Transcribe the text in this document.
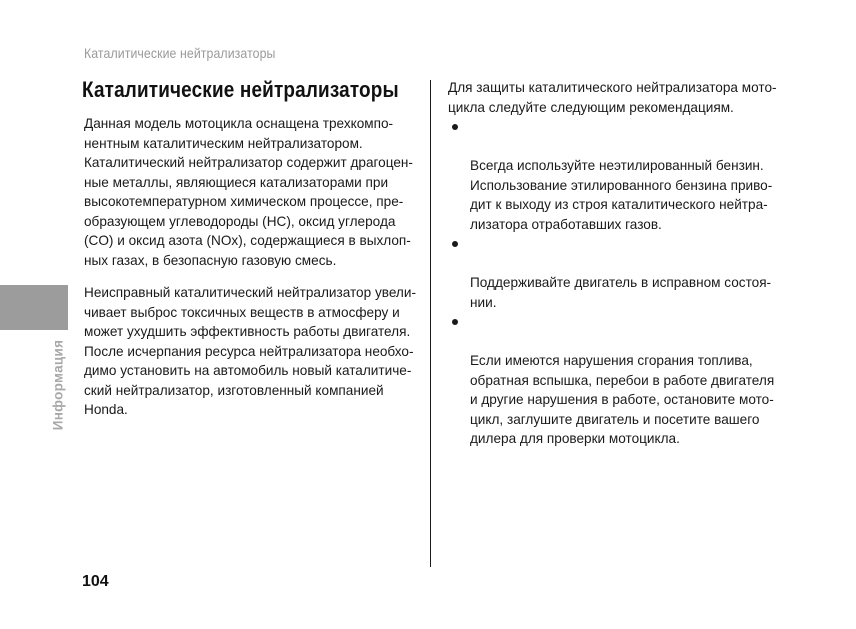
Каталитические нейтрализаторы
Каталитические нейтрализаторы

Данная модель мотоцикла оснащена трехкомпо-
нентным каталитическим нейтрализатором.
Каталитический нейтрализатор содержит драгоцен-
ные металлы, являющиеся катализаторами при
высокотемпературном химическом процессе, пре-
образующем углеводороды (HC), оксид углерода
(CO) и оксид азота (NOx), содержащиеся в выхлоп-
ных газах, в безопасную газовую смесь.

Неисправный каталитический нейтрализатор увели-
чивает выброс токсичных веществ в атмосферу и
может ухудшить эффективность работы двигателя.
После исчерпания ресурса нейтрализатора необхо-
димо установить на автомобиль новый каталитиче-
ский нейтрализатор, изготовленный компанией
Honda.

Для защиты каталитического нейтрализатора мото-
цикла следуйте следующим рекомендациям.

Всегда используйте неэтилированный бензин.
Использование этилированного бензина приво-
дит к выходу из строя каталитического нейтра-
лизатора отработавших газов.

Поддерживайте двигатель в исправном состоя-
нии.

Если имеются нарушения сгорания топлива,
обратная вспышка, перебои в работе двигателя
и другие нарушения в работе, остановите мото-
цикл, заглушите двигатель и посетите вашего
дилера для проверки мотоцикла.

Информация
104
